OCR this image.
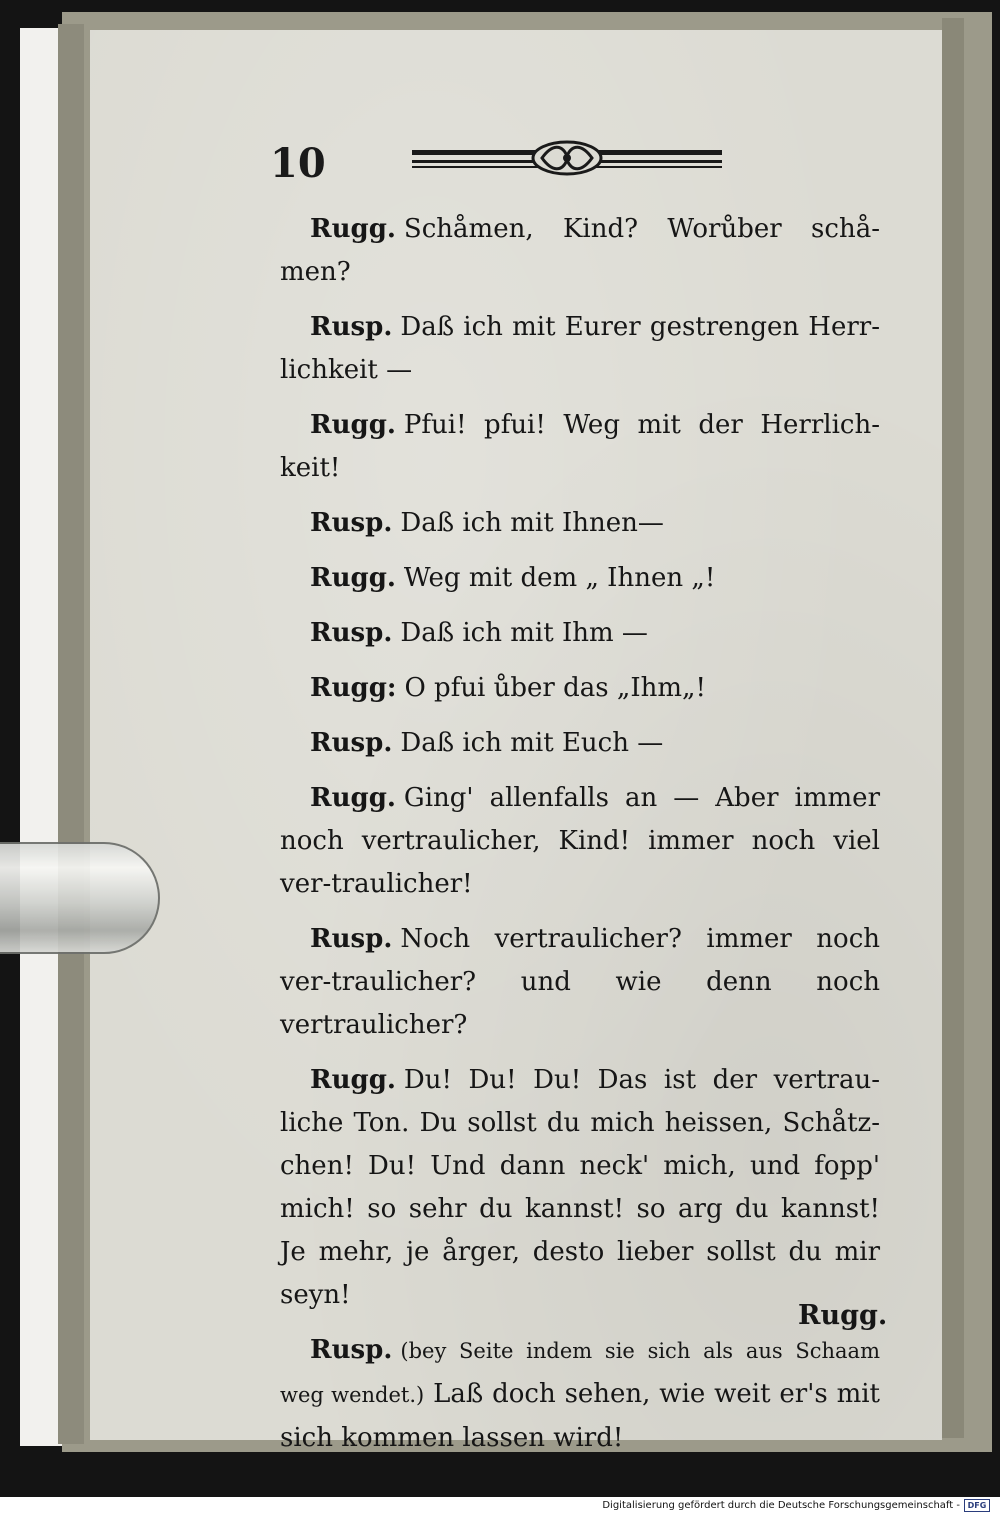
10

Rugg. Schåmen, Kind? Worůber schå-men?

Rusp. Daß ich mit Eurer gestrengen Herr-lichkeit —

Rugg. Pfui! pfui! Weg mit der Herrlich-keit!

Rusp. Daß ich mit Ihnen—

Rugg. Weg mit dem „ Ihnen „!

Rusp. Daß ich mit Ihm —

Rugg: O pfui ůber das „Ihm„!

Rusp. Daß ich mit Euch —

Rugg. Ging' allenfalls an — Aber immer noch vertraulicher, Kind! immer noch viel ver-traulicher!

Rusp. Noch vertraulicher? immer noch ver-traulicher? und wie denn noch vertraulicher?

Rugg. Du! Du! Du! Das ist der vertrau-liche Ton. Du sollst du mich heissen, Schåtz-chen! Du! Und dann neck' mich, und fopp' mich! so sehr du kannst! so arg du kannst! Je mehr, je årger, desto lieber sollst du mir seyn!

Rusp. (bey Seite indem sie sich als aus Schaam weg wendet.) Laß doch sehen, wie weit er's mit sich kommen lassen wird!

Rugg.
Digitalisierung gefördert durch die Deutsche Forschungsgemeinschaft - DFG
